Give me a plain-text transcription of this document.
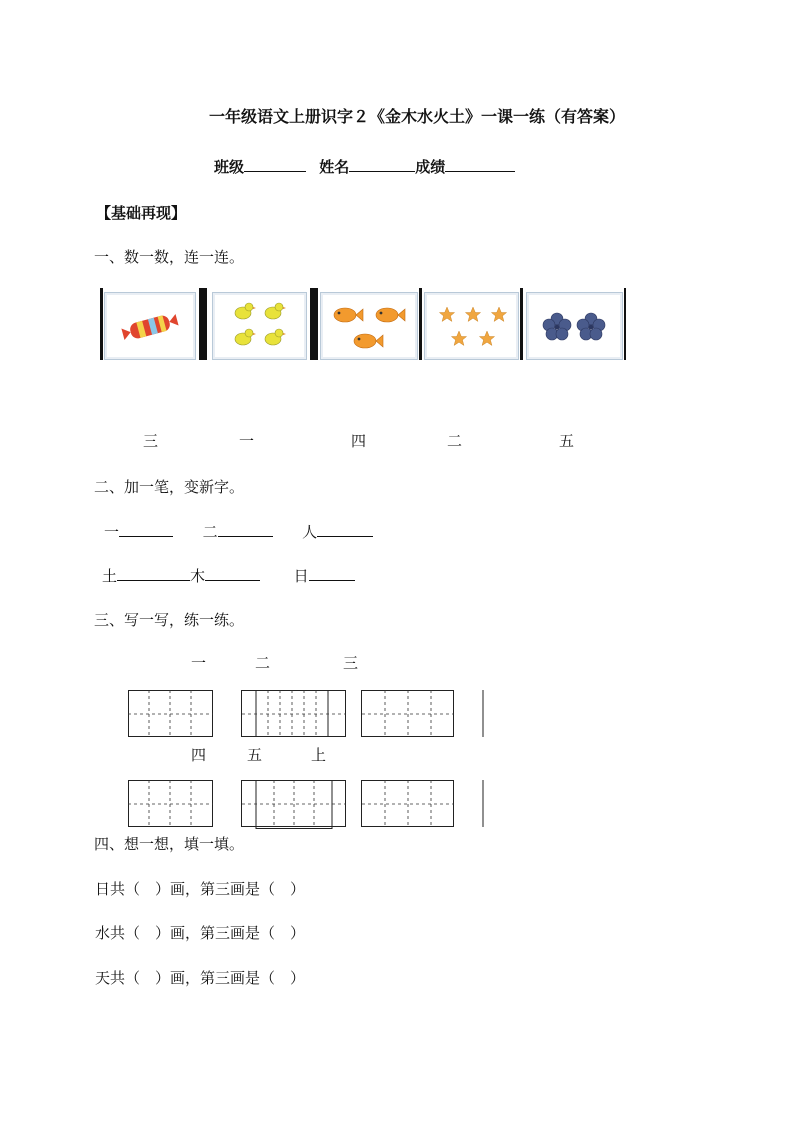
一年级语文上册识字２《金木水火土》一课一练（有答案）
班级	姓名	成绩
【基础再现】
一、数一数，连一连。
三	一	四	二	五
二、加一笔，变新字。
一	二	人
土	木	日
三、写一写，练一练。
一	二	三
四	五	上
四、想一想，填一填。
日共（　）画，第三画是（　）
水共（　）画，第三画是（　）
天共（　）画，第三画是（　）
